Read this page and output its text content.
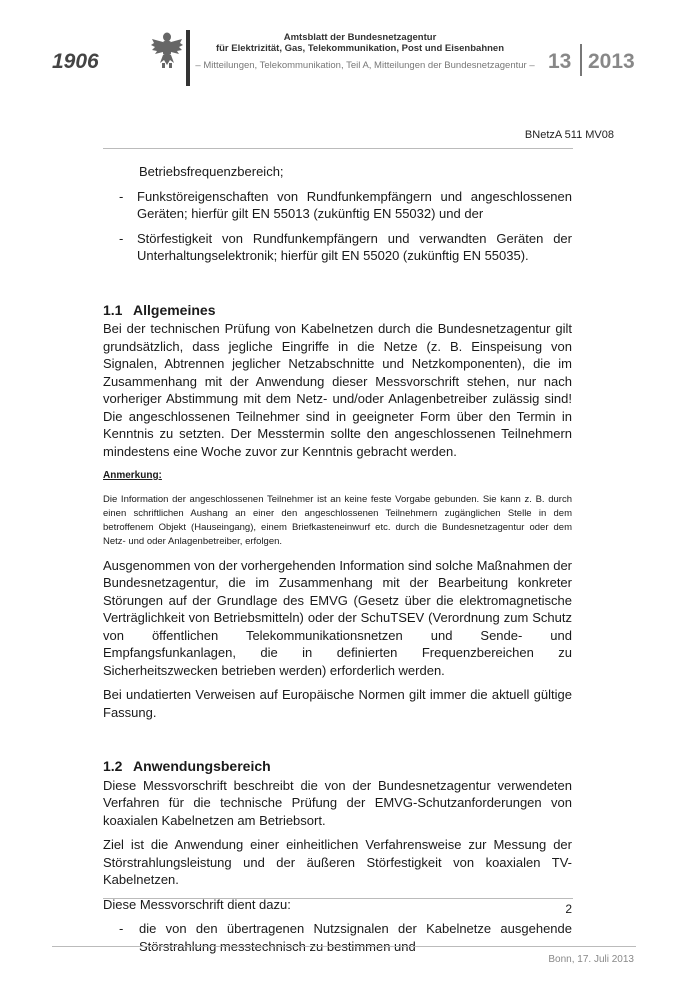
1906
Amtsblatt der Bundesnetzagentur
für Elektrizität, Gas, Telekommunikation, Post und Eisenbahnen
– Mitteilungen, Telekommunikation, Teil A, Mitteilungen der Bundesnetzagentur – 13 2013
BNetzA 511 MV08

Betriebsfrequenzbereich;

-	Funkstöreigenschaften von Rundfunkempfängern und angeschlossenen Geräten; hierfür gilt EN 55013 (zukünftig EN 55032) und der
-	Störfestigkeit von Rundfunkempfängern und verwandten Geräten der Unterhaltungselektronik; hierfür gilt EN 55020 (zukünftig EN 55035).
1.1 Allgemeines

Bei der technischen Prüfung von Kabelnetzen durch die Bundesnetzagentur gilt grundsätzlich, dass jegliche Eingriffe in die Netze (z. B. Einspeisung von Signalen, Abtrennen jeglicher Netzabschnitte und Netzkomponenten), die im Zusammenhang mit der Anwendung dieser Messvorschrift stehen, nur nach vorheriger Abstimmung mit dem Netz- und/oder Anlagenbetreiber zulässig sind! Die angeschlossenen Teilnehmer sind in geeigneter Form über den Termin in Kenntnis zu setzten. Der Messtermin sollte den angeschlossenen Teilnehmern mindestens eine Woche zuvor zur Kenntnis gebracht werden.

Anmerkung:

Die Information der angeschlossenen Teilnehmer ist an keine feste Vorgabe gebunden. Sie kann z. B. durch einen schriftlichen Aushang an einer den angeschlossenen Teilnehmern zugänglichen Stelle in dem betroffenem Objekt (Hauseingang), einem Briefkasteneinwurf etc. durch die Bundesnetzagentur oder dem Netz- und oder Anlagenbetreiber, erfolgen.

Ausgenommen von der vorhergehenden Information sind solche Maßnahmen der Bundesnetzagentur, die im Zusammenhang mit der Bearbeitung konkreter Störungen auf der Grundlage des EMVG (Gesetz über die elektromagnetische Verträglichkeit von Betriebsmitteln) oder der SchuTSEV (Verordnung zum Schutz von öffentlichen Telekommunikationsnetzen und Sende- und Empfangsfunkanlagen, die in definierten Frequenzbereichen zu Sicherheitszwecken betrieben werden) erforderlich werden.

Bei undatierten Verweisen auf Europäische Normen gilt immer die aktuell gültige Fassung.

1.2 Anwendungsbereich

Diese Messvorschrift beschreibt die von der Bundesnetzagentur verwendeten Verfahren für die technische Prüfung der EMVG-Schutzanforderungen von koaxialen Kabelnetzen am Betriebsort.

Ziel ist die Anwendung einer einheitlichen Verfahrensweise zur Messung der Störstrahlungsleistung und der äußeren Störfestigkeit von koaxialen TV-Kabelnetzen.

Diese Messvorschrift dient dazu:

-	die von den übertragenen Nutzsignalen der Kabelnetze ausgehende Störstrahlung messtechnisch zu bestimmen und
2
Bonn, 17. Juli 2013
